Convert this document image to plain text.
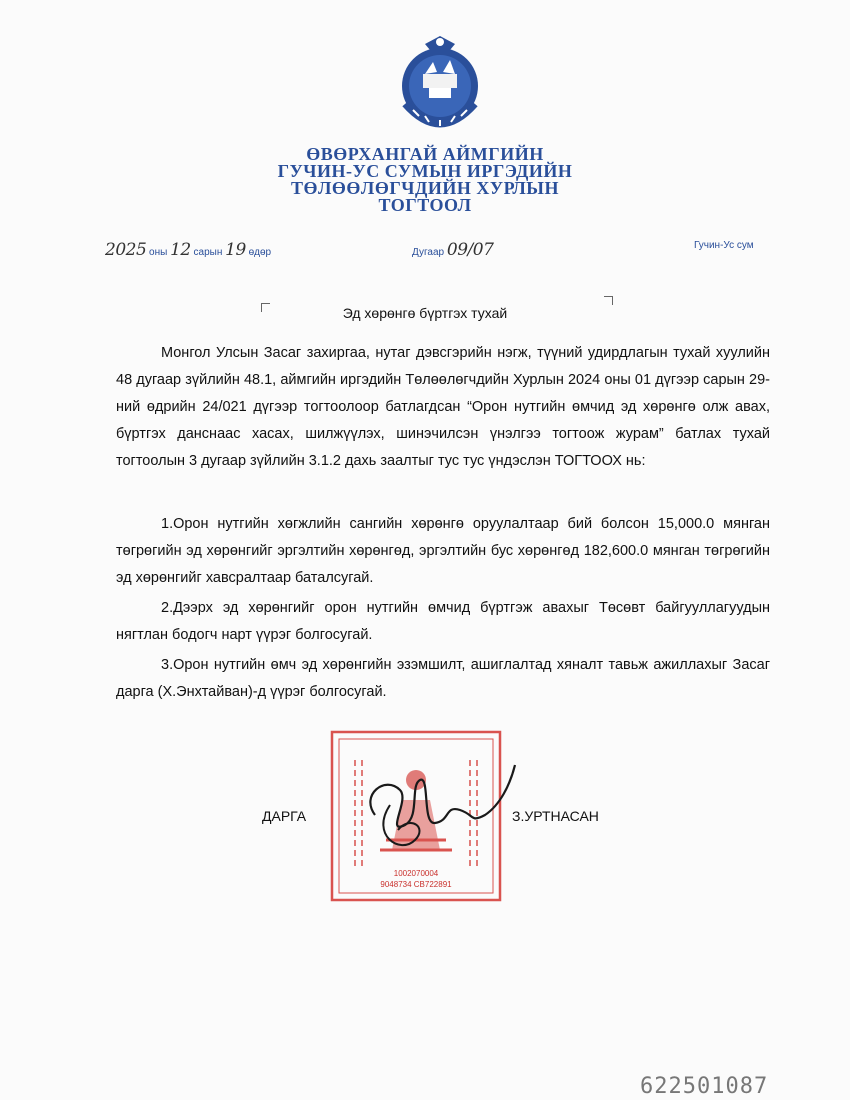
ӨВӨРХАНГАЙ АЙМГИЙН
ГУЧИН-УС СУМЫН ИРГЭДИЙН
ТӨЛӨӨЛӨГЧДИЙН ХУРЛЫН
ТОГТООЛ
2025 оны 12 сарын 19 өдөр	Дугаар 09/07	Гучин-Ус сум
Эд хөрөнгө бүртгэх тухай

Монгол Улсын Засаг захиргаа, нутаг дэвсгэрийн нэгж, түүний удирдлагын тухай хуулийн 48 дугаар зүйлийн 48.1, аймгийн иргэдийн Төлөөлөгчдийн Хурлын 2024 оны 01 дүгээр сарын 29-ний өдрийн 24/021 дүгээр тогтоолоор батлагдсан “Орон нутгийн өмчид эд хөрөнгө олж авах, бүртгэх данснаас хасах, шилжүүлэх, шинэчилсэн үнэлгээ тогтоож журам” батлах тухай тогтоолын 3 дугаар зүйлийн 3.1.2 дахь заалтыг тус тус үндэслэн ТОГТООХ нь:

1.Орон нутгийн хөгжлийн сангийн хөрөнгө оруулалтаар бий болсон 15,000.0 мянган төгрөгийн эд хөрөнгийг эргэлтийн хөрөнгөд, эргэлтийн бус хөрөнгөд 182,600.0 мянган төгрөгийн эд хөрөнгийг хавсралтаар баталсугай.

2.Дээрх эд хөрөнгийг орон нутгийн өмчид бүртгэж авахыг Төсөвт байгууллагуудын нягтлан бодогч нарт үүрэг болгосугай.

3.Орон нутгийн өмч эд хөрөнгийн эзэмшилт, ашиглалтад хяналт тавьж ажиллахыг Засаг дарга (Х.Энхтайван)-д үүрэг болгосугай.

1002070004
9048734 СВ722891
ДАРГА	З.УРТНАСАН
622501087
